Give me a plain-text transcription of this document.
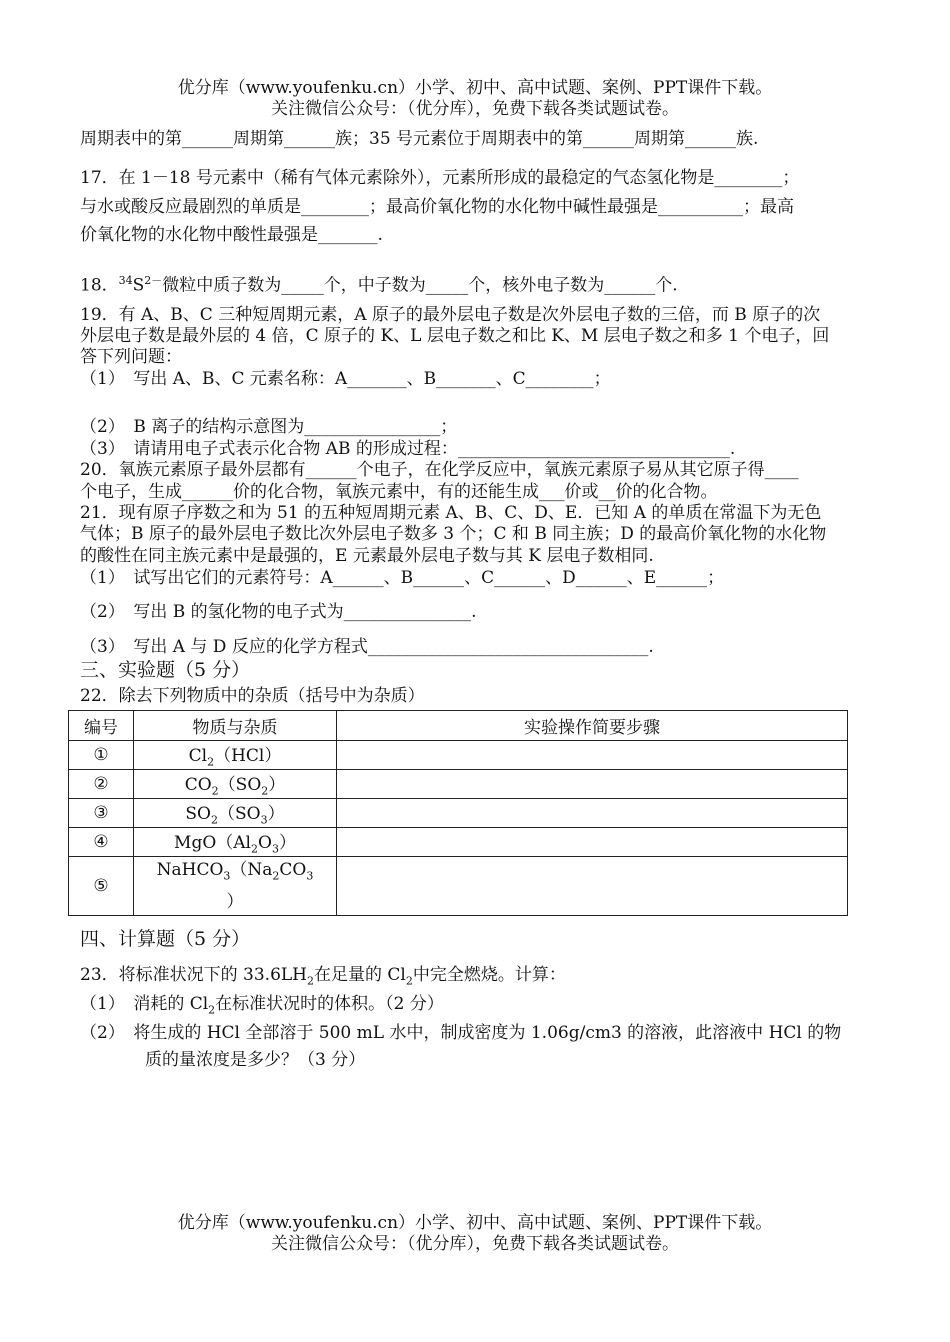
优分库（www.youfenku.cn）小学、初中、高中试题、案例、PPT课件下载。
关注微信公众号：（优分库），免费下载各类试题试卷。
周期表中的第______周期第______族；35 号元素位于周期表中的第______周期第______族.
17．在 1－18 号元素中（稀有气体元素除外），元素所形成的最稳定的气态氢化物是________；
与水或酸反应最剧烈的单质是________；最高价氧化物的水化物中碱性最强是__________；最高
价氧化物的水化物中酸性最强是_______.
18．$^{34}S^{2-}$微粒中质子数为_____个，中子数为_____个，核外电子数为______个.
19．有 A、B、C 三种短周期元素，A 原子的最外层电子数是次外层电子数的三倍，而 B 原子的次
外层电子数是最外层的 4 倍，C 原子的 K、L 层电子数之和比 K、M 层电子数之和多 1 个电子，回
答下列问题：
（1）　写出 A、B、C 元素名称：A_______、B_______、C________；
（2）　B 离子的结构示意图为________________；
（3）　请请用电子式表示化合物 AB 的形成过程：________________________________.
20．氧族元素原子最外层都有______个电子，在化学反应中，氧族元素原子易从其它原子得____
个电子，生成______价的化合物，氧族元素中，有的还能生成___价或__价的化合物。
21．现有原子序数之和为 51 的五种短周期元素 A、B、C、D、E．已知 A 的单质在常温下为无色
气体；B 原子的最外层电子数比次外层电子数多 3 个；C 和 B 同主族；D 的最高价氧化物的水化物
的酸性在同主族元素中是最强的，E 元素最外层电子数与其 K 层电子数相同.
（1）　试写出它们的元素符号：A______、B______、C______、D______、E______；
（2）　写出 B 的氢化物的电子式为_______________.
（3）　写出 A 与 D 反应的化学方程式_________________________________.
三、实验题（5 分）
22．除去下列物质中的杂质（括号中为杂质）
编号	物质与杂质	实验操作简要步骤
①	$Cl_2(HCl)$	
②	$CO_2(SO_2)$	
③	$SO_2(SO_3)$	
④	$MgO(Al_2O_3)$	
⑤	$NaHCO_3(Na_2CO_3$
）	
四、计算题（5 分）
23．将标准状况下的 $33.6LH_2$在足量的 $Cl_2$中完全燃烧。计算：
（1）　消耗的 $Cl_2$在标准状况时的体积。（2 分）
（2）　将生成的 HCl 全部溶于 500 mL 水中，制成密度为 1.06g/cm3 的溶液，此溶液中 HCl 的物
质的量浓度是多少？（3 分）
优分库（www.youfenku.cn）小学、初中、高中试题、案例、PPT课件下载。
关注微信公众号：（优分库），免费下载各类试题试卷。
